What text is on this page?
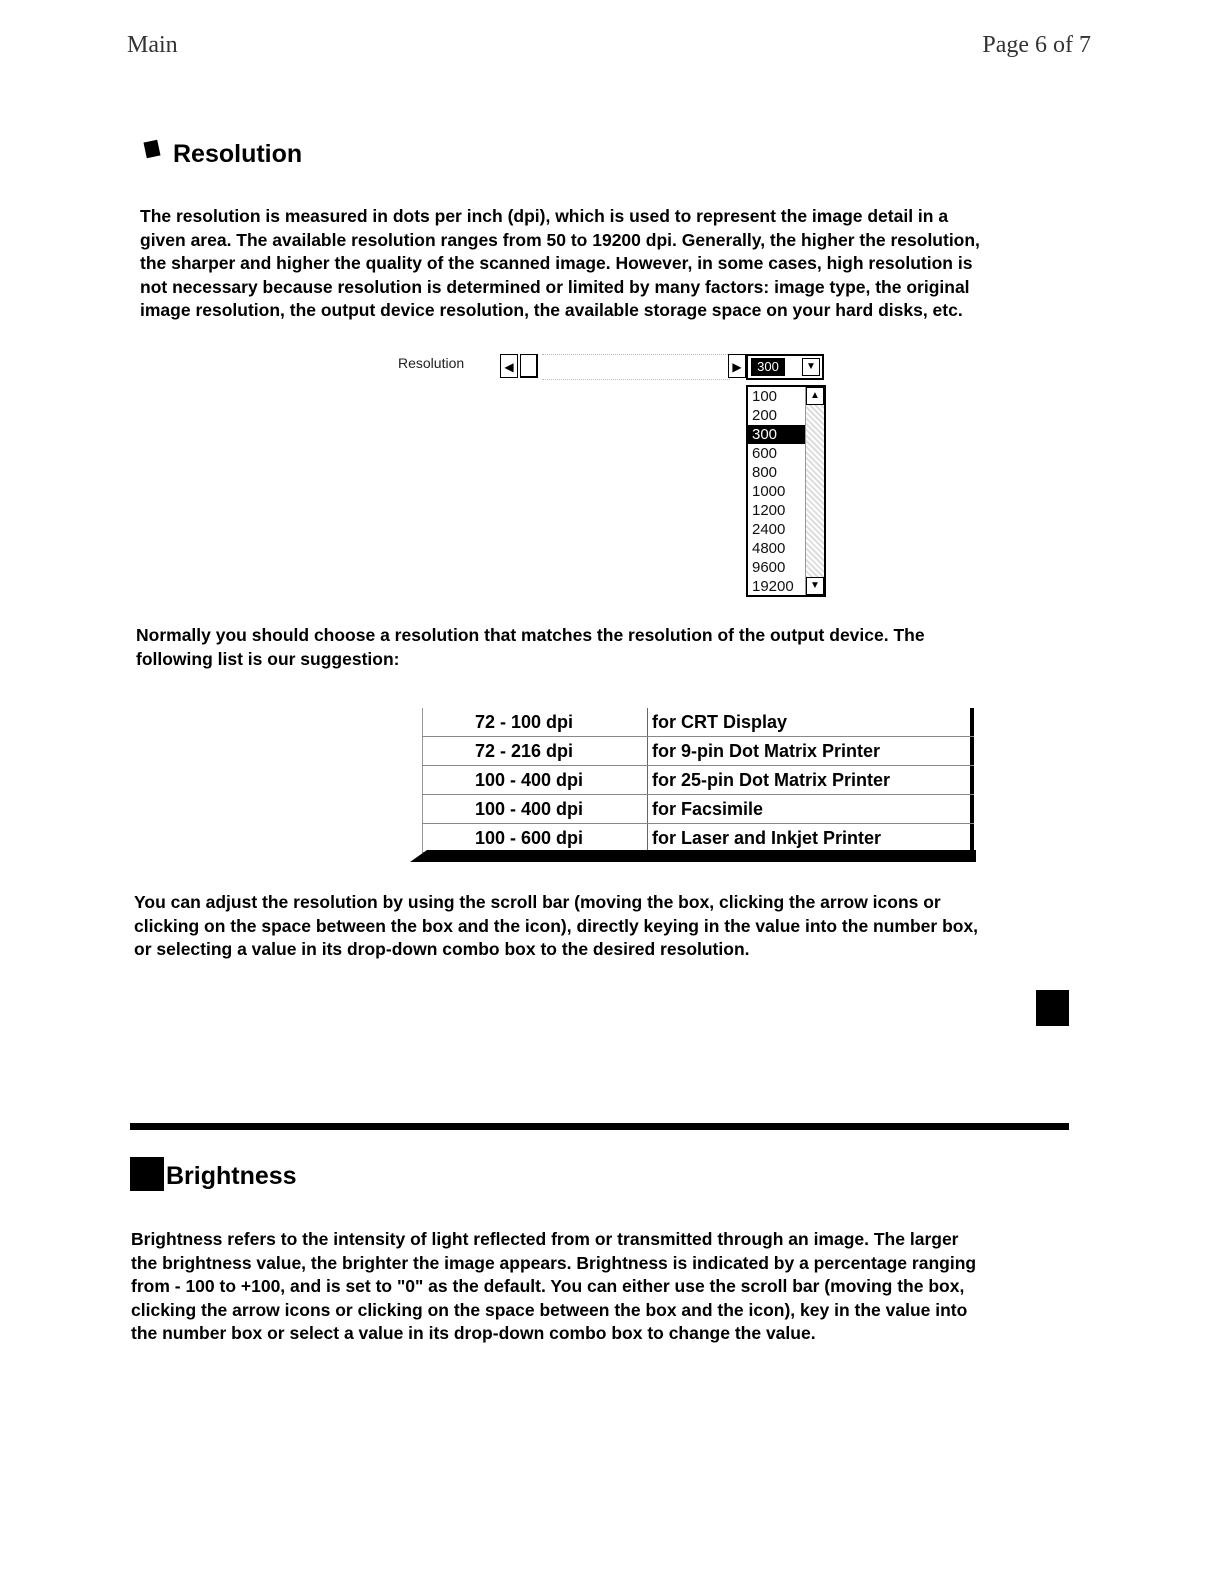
Main	Page 6 of 7
Resolution
The resolution is measured in dots per inch (dpi), which is used to represent the image detail in a
given area. The available resolution ranges from 50 to 19200 dpi. Generally, the higher the resolution,
the sharper and higher the quality of the scanned image. However, in some cases, high resolution is
not necessary because resolution is determined or limited by many factors: image type, the original
image resolution, the output device resolution, the available storage space on your hard disks, etc.
Resolution	◀	▶	300	▼
100
200
300
600
800
1000
1200
2400
4800
9600
19200
▲
▼
Normally you should choose a resolution that matches the resolution of the output device. The
following list is our suggestion:
72 - 100 dpi	for CRT Display
72 - 216 dpi	for 9-pin Dot Matrix Printer
100 - 400 dpi	for 25-pin Dot Matrix Printer
100 - 400 dpi	for Facsimile
100 - 600 dpi	for Laser and Inkjet Printer
You can adjust the resolution by using the scroll bar (moving the box, clicking the arrow icons or
clicking on the space between the box and the icon), directly keying in the value into the number box,
or selecting a value in its drop-down combo box to the desired resolution.
Brightness
Brightness refers to the intensity of light reflected from or transmitted through an image. The larger
the brightness value, the brighter the image appears. Brightness is indicated by a percentage ranging
from - 100 to +100, and is set to "0" as the default. You can either use the scroll bar (moving the box,
clicking the arrow icons or clicking on the space between the box and the icon), key in the value into
the number box or select a value in its drop-down combo box to change the value.
